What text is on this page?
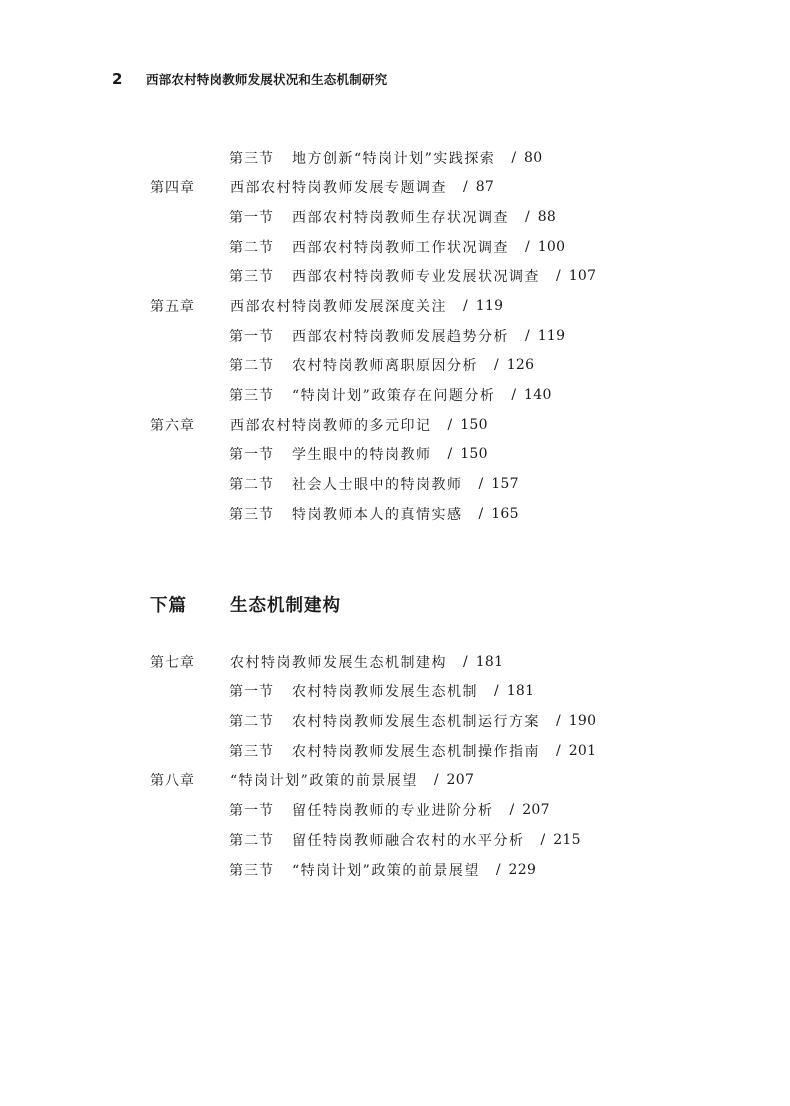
2	西部农村特岗教师发展状况和生态机制研究
第三节	地方创新“特岗计划”实践探索 / 80
第四章	西部农村特岗教师发展专题调查 / 87
第一节	西部农村特岗教师生存状况调查 / 88
第二节	西部农村特岗教师工作状况调查 / 100
第三节	西部农村特岗教师专业发展状况调查 / 107
第五章	西部农村特岗教师发展深度关注 / 119
第一节	西部农村特岗教师发展趋势分析 / 119
第二节	农村特岗教师离职原因分析 / 126
第三节	“特岗计划”政策存在问题分析 / 140
第六章	西部农村特岗教师的多元印记 / 150
第一节	学生眼中的特岗教师 / 150
第二节	社会人士眼中的特岗教师 / 157
第三节	特岗教师本人的真情实感 / 165
下篇	生态机制建构
第七章	农村特岗教师发展生态机制建构 / 181
第一节	农村特岗教师发展生态机制 / 181
第二节	农村特岗教师发展生态机制运行方案 / 190
第三节	农村特岗教师发展生态机制操作指南 / 201
第八章	“特岗计划”政策的前景展望 / 207
第一节	留任特岗教师的专业进阶分析 / 207
第二节	留任特岗教师融合农村的水平分析 / 215
第三节	“特岗计划”政策的前景展望 / 229
